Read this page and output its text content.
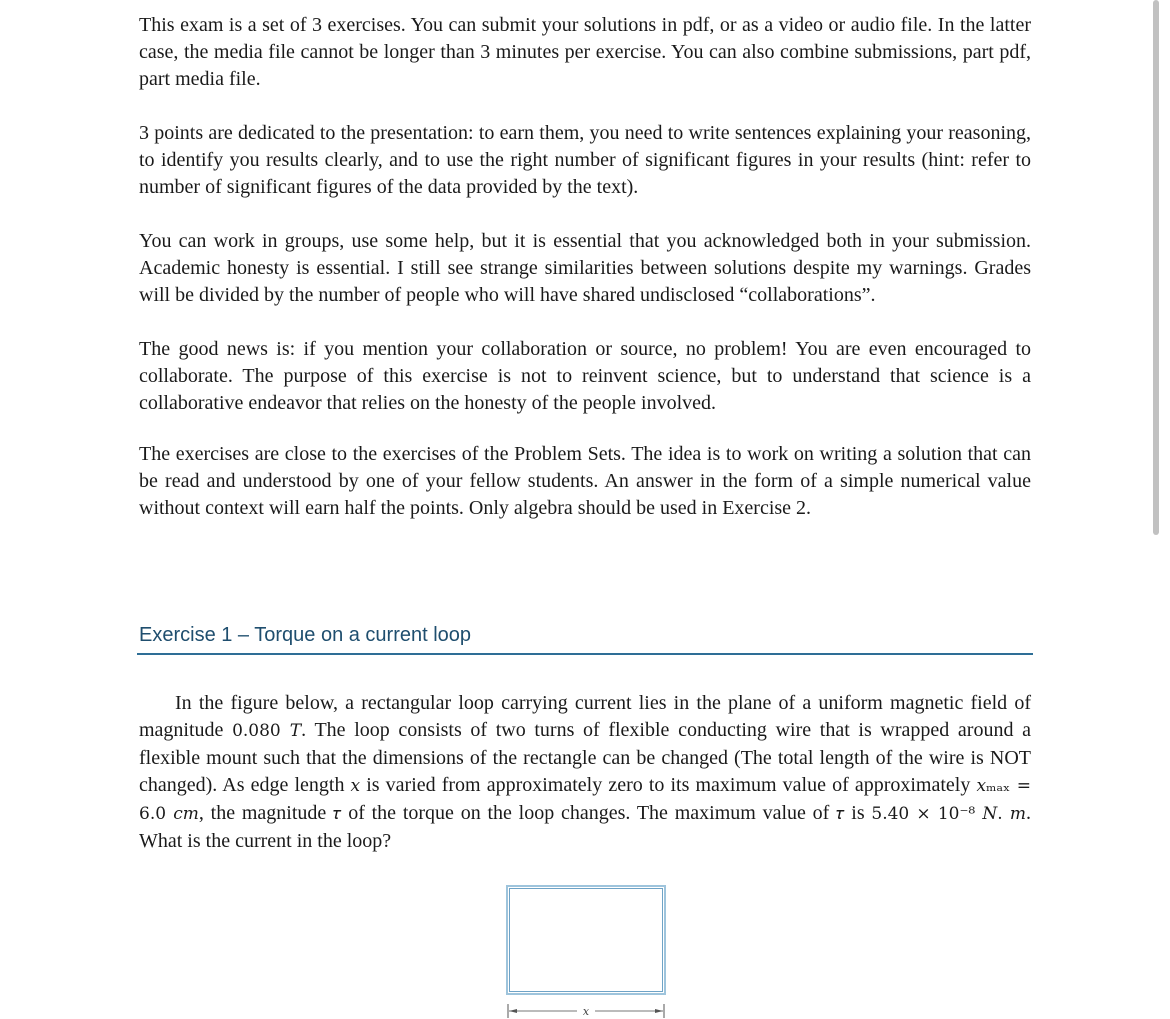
This exam is a set of 3 exercises. You can submit your solutions in pdf, or as a video or audio file. In the latter case, the media file cannot be longer than 3 minutes per exercise. You can also combine submissions, part pdf, part media file.

3 points are dedicated to the presentation: to earn them, you need to write sentences explaining your reasoning, to identify you results clearly, and to use the right number of significant figures in your results (hint: refer to number of significant figures of the data provided by the text).

You can work in groups, use some help, but it is essential that you acknowledged both in your submission. Academic honesty is essential. I still see strange similarities between solutions despite my warnings. Grades will be divided by the number of people who will have shared undisclosed “collaborations”.

The good news is: if you mention your collaboration or source, no problem! You are even encouraged to collaborate. The purpose of this exercise is not to reinvent science, but to understand that science is a collaborative endeavor that relies on the honesty of the people involved.

The exercises are close to the exercises of the Problem Sets. The idea is to work on writing a solution that can be read and understood by one of your fellow students. An answer in the form of a simple numerical value without context will earn half the points. Only algebra should be used in Exercise 2.

Exercise 1 – Torque on a current loop

In the figure below, a rectangular loop carrying current lies in the plane of a uniform magnetic field of magnitude 0.080 𝑇. The loop consists of two turns of flexible conducting wire that is wrapped around a flexible mount such that the dimensions of the rectangle can be changed (The total length of the wire is NOT changed). As edge length 𝑥 is varied from approximately zero to its maximum value of approximately 𝑥ₘₐₓ = 6.0 𝑐𝑚, the magnitude 𝜏 of the torque on the loop changes. The maximum value of 𝜏 is 5.40 × 10⁻⁸ 𝑁. 𝑚. What is the current in the loop?

x
